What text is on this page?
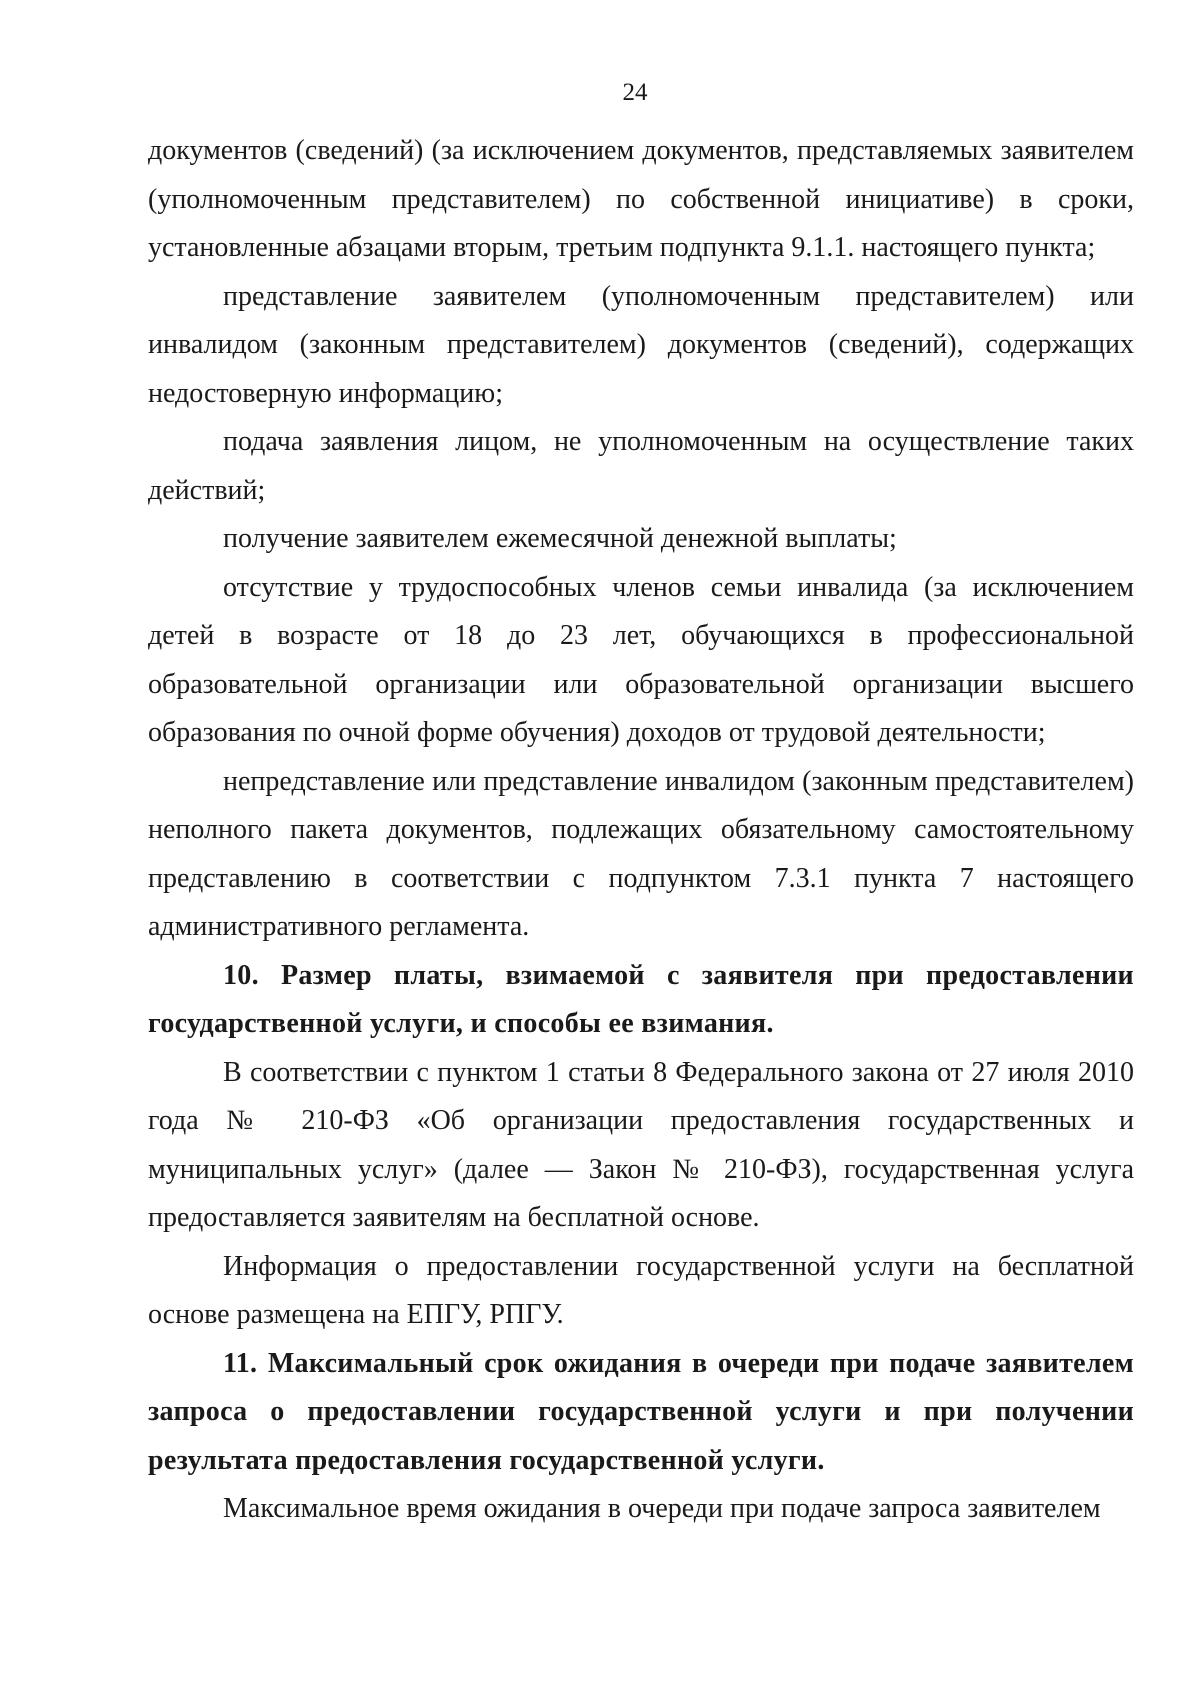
24

документов (сведений) (за исключением документов, представляемых заявителем (уполномоченным представителем) по собственной инициативе) в сроки, установленные абзацами вторым, третьим подпункта 9.1.1. настоящего пункта;

представление заявителем (уполномоченным представителем) или инвалидом (законным представителем) документов (сведений), содержащих недостоверную информацию;

подача заявления лицом, не уполномоченным на осуществление таких действий;

получение заявителем ежемесячной денежной выплаты;

отсутствие у трудоспособных членов семьи инвалида (за исключением детей в возрасте от 18 до 23 лет, обучающихся в профессиональной образовательной организации или образовательной организации высшего образования по очной форме обучения) доходов от трудовой деятельности;

непредставление или представление инвалидом (законным представителем) неполного пакета документов, подлежащих обязательному самостоятельному представлению в соответствии с подпунктом 7.3.1 пункта 7 настоящего административного регламента.

10. Размер платы, взимаемой с заявителя при предоставлении государственной услуги, и способы ее взимания.

В соответствии с пунктом 1 статьи 8 Федерального закона от 27 июля 2010 года № 210-ФЗ «Об организации предоставления государственных и муниципальных услуг» (далее — Закон № 210-ФЗ), государственная услуга предоставляется заявителям на бесплатной основе.

Информация о предоставлении государственной услуги на бесплатной основе размещена на ЕПГУ, РПГУ.

11. Максимальный срок ожидания в очереди при подаче заявителем запроса о предоставлении государственной услуги и при получении результата предоставления государственной услуги.

Максимальное время ожидания в очереди при подаче запроса заявителем
